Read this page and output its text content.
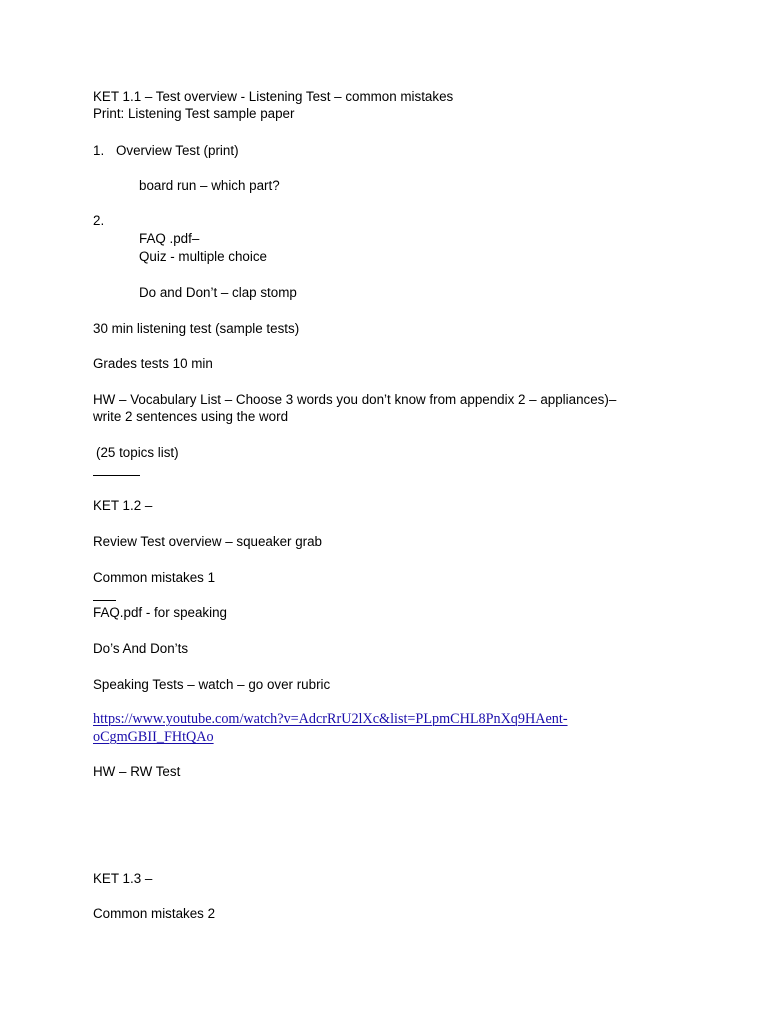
KET 1.1 – Test overview - Listening Test – common mistakes
Print: Listening Test sample paper
1. Overview Test (print)
board run – which part?
2.
FAQ .pdf–
Quiz - multiple choice
Do and Don’t – clap stomp
30 min listening test (sample tests)
Grades tests 10 min
HW – Vocabulary List – Choose 3 words you don’t know from appendix 2 – appliances)–
write 2 sentences using the word
(25 topics list)
KET 1.2 –
Review Test overview – squeaker grab
Common mistakes 1
FAQ.pdf - for speaking
Do’s And Don’ts
Speaking Tests – watch – go over rubric
https://www.youtube.com/watch?v=AdcrRrU2lXc&list=PLpmCHL8PnXq9HAent-
oCgmGBII_FHtQAo
HW – RW Test
KET 1.3 –
Common mistakes 2
